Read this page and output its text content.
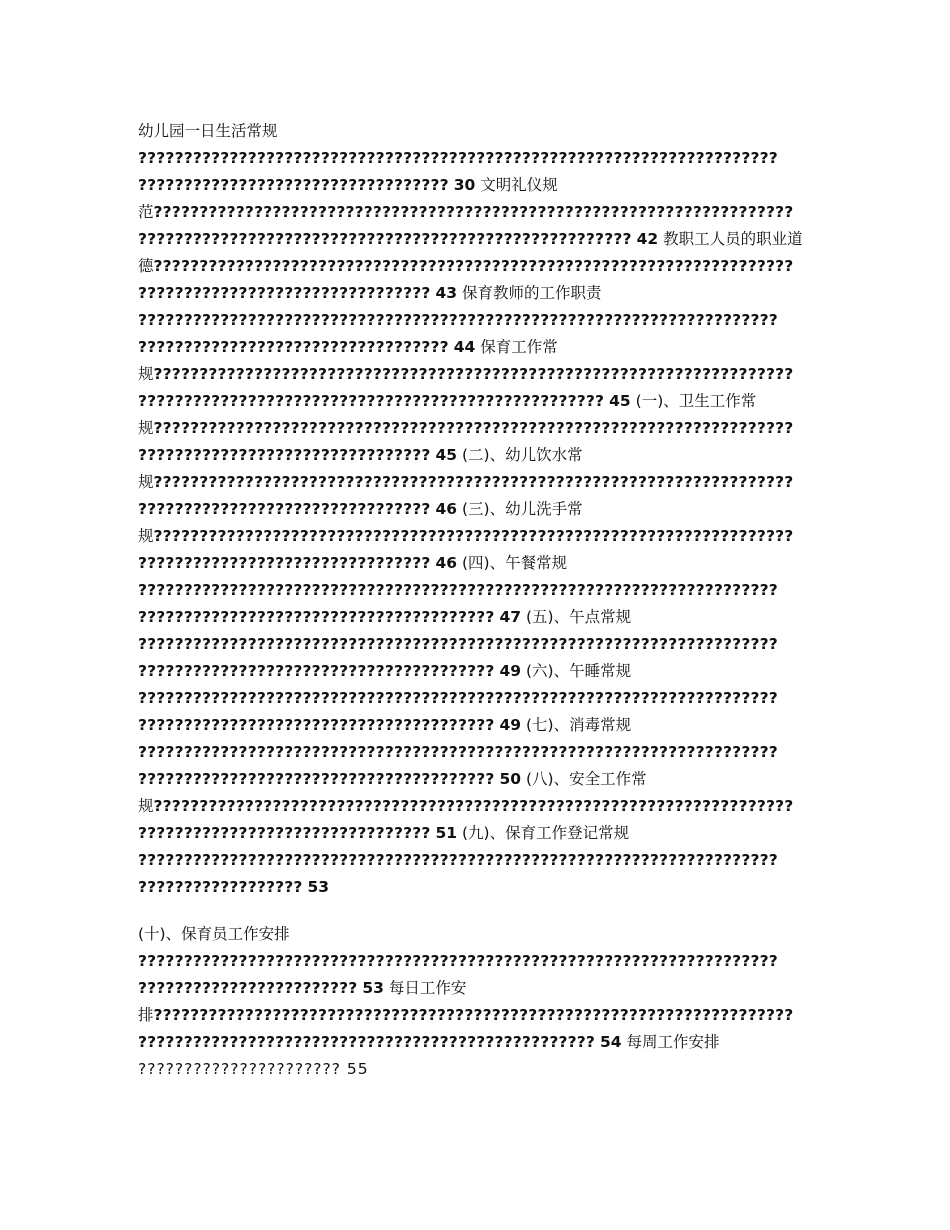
幼儿园一日生活常规
??????????????????????????????????????????????????????????????????????
?????????????????????????????????? 30 文明礼仪规
范??????????????????????????????????????????????????????????????????????
?????????????????????????????????????????????????????? 42 教职工人员的职业道
德??????????????????????????????????????????????????????????????????????
???????????????????????????????? 43 保育教师的工作职责
??????????????????????????????????????????????????????????????????????
?????????????????????????????????? 44 保育工作常
规??????????????????????????????????????????????????????????????????????
??????????????????????????????????????????????????? 45 (一)、卫生工作常
规??????????????????????????????????????????????????????????????????????
???????????????????????????????? 45 (二)、幼儿饮水常
规??????????????????????????????????????????????????????????????????????
???????????????????????????????? 46 (三)、幼儿洗手常
规??????????????????????????????????????????????????????????????????????
???????????????????????????????? 46 (四)、午餐常规
??????????????????????????????????????????????????????????????????????
??????????????????????????????????????? 47 (五)、午点常规
??????????????????????????????????????????????????????????????????????
??????????????????????????????????????? 49 (六)、午睡常规
??????????????????????????????????????????????????????????????????????
??????????????????????????????????????? 49 (七)、消毒常规
??????????????????????????????????????????????????????????????????????
??????????????????????????????????????? 50 (八)、安全工作常
规??????????????????????????????????????????????????????????????????????
???????????????????????????????? 51 (九)、保育工作登记常规
??????????????????????????????????????????????????????????????????????
?????????????????? 53
(十)、保育员工作安排
??????????????????????????????????????????????????????????????????????
???????????????????????? 53 每日工作安
排??????????????????????????????????????????????????????????????????????
?????????????????????????????????????????????????? 54 每周工作安排
?????????????????????? 55
